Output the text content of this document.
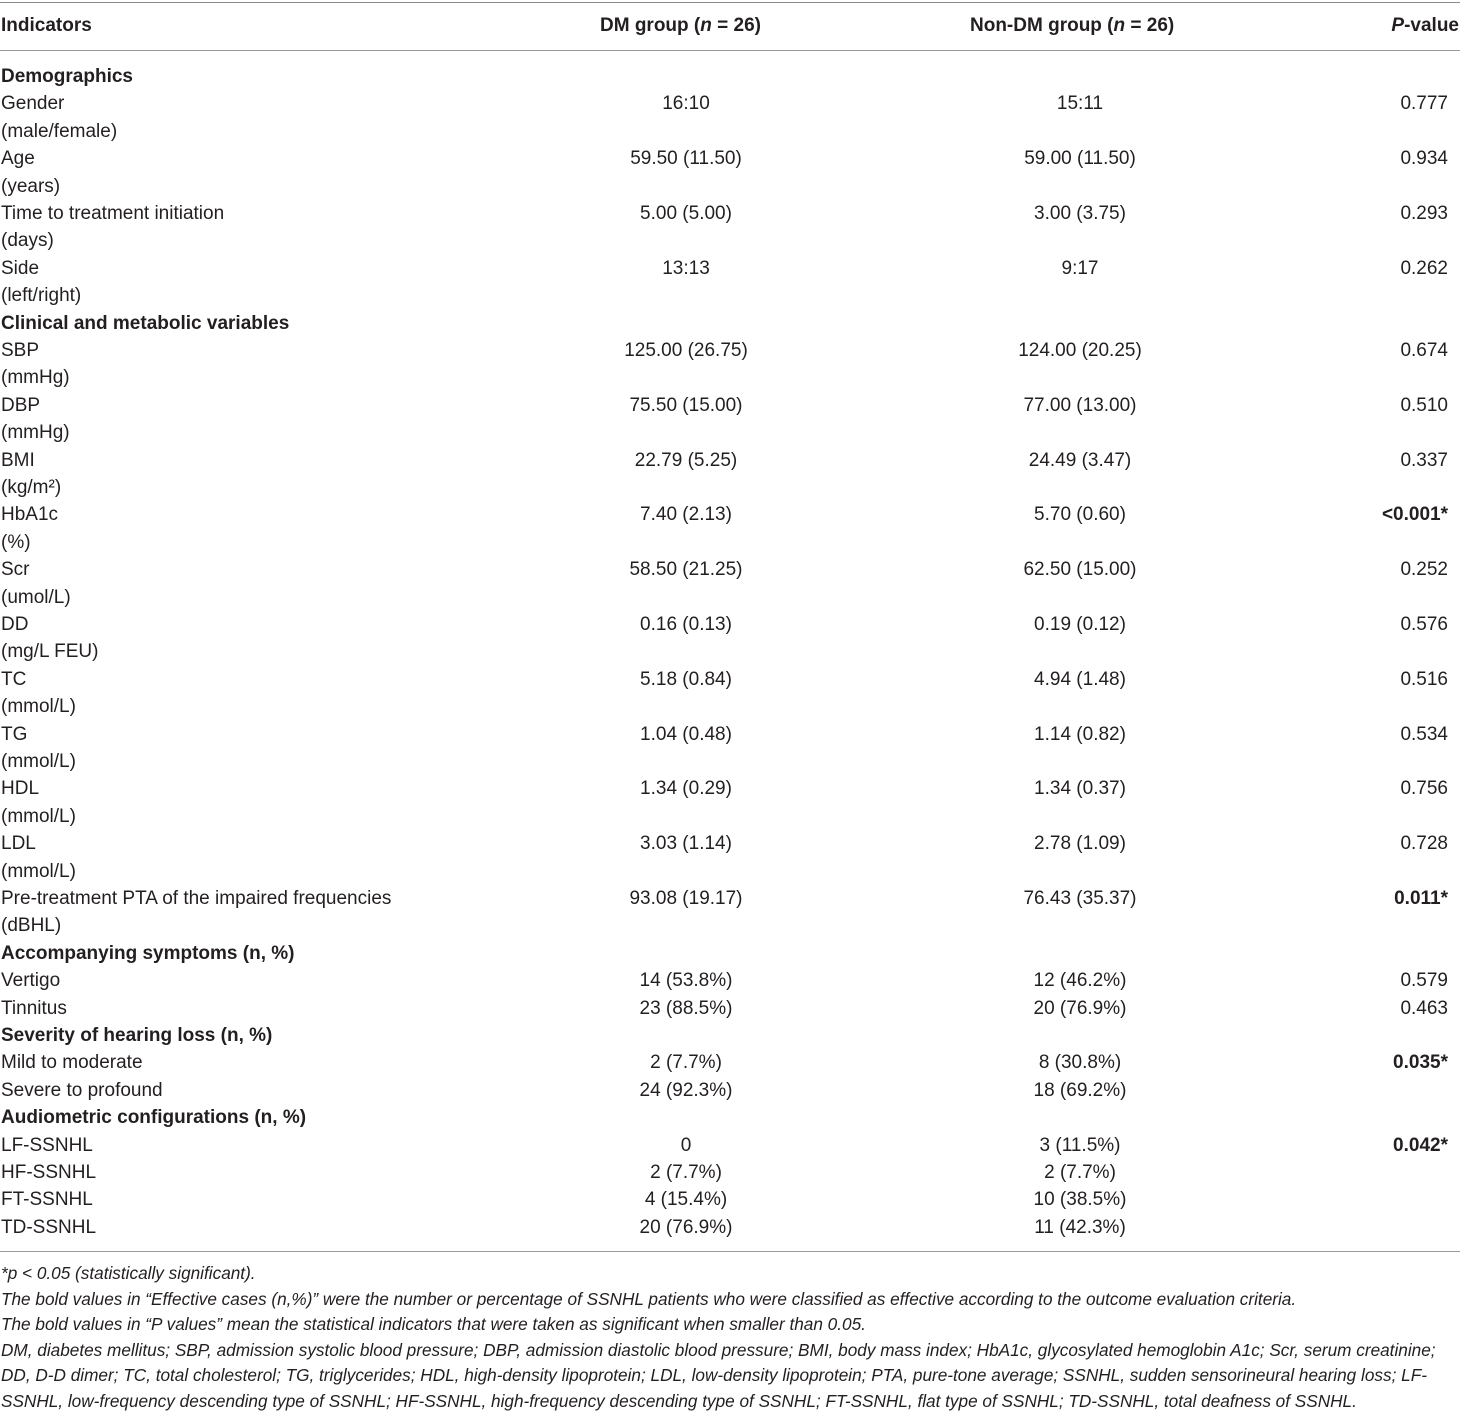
Indicators	DM group (n = 26)	Non-DM group (n = 26)	P-value
Demographics
Gender
(male/female)
16:10	15:11	0.777
Age
(years)
59.50 (11.50)	59.00 (11.50)	0.934
Time to treatment initiation
(days)
5.00 (5.00)	3.00 (3.75)	0.293
Side
(left/right)
13:13	9:17	0.262
Clinical and metabolic variables
SBP
(mmHg)
125.00 (26.75)	124.00 (20.25)	0.674
DBP
(mmHg)
75.50 (15.00)	77.00 (13.00)	0.510
BMI
(kg/m²)
22.79 (5.25)	24.49 (3.47)	0.337
HbA1c
(%)
7.40 (2.13)	5.70 (0.60)	<0.001*
Scr
(umol/L)
58.50 (21.25)	62.50 (15.00)	0.252
DD
(mg/L FEU)
0.16 (0.13)	0.19 (0.12)	0.576
TC
(mmol/L)
5.18 (0.84)	4.94 (1.48)	0.516
TG
(mmol/L)
1.04 (0.48)	1.14 (0.82)	0.534
HDL
(mmol/L)
1.34 (0.29)	1.34 (0.37)	0.756
LDL
(mmol/L)
3.03 (1.14)	2.78 (1.09)	0.728
Pre-treatment PTA of the impaired frequencies
(dBHL)
93.08 (19.17)	76.43 (35.37)	0.011*
Accompanying symptoms (n, %)
Vertigo	14 (53.8%)	12 (46.2%)	0.579
Tinnitus	23 (88.5%)	20 (76.9%)	0.463
Severity of hearing loss (n, %)
Mild to moderate	2 (7.7%)	8 (30.8%)	0.035*
Severe to profound	24 (92.3%)	18 (69.2%)
Audiometric configurations (n, %)
LF-SSNHL	0	3 (11.5%)	0.042*
HF-SSNHL	2 (7.7%)	2 (7.7%)
FT-SSNHL	4 (15.4%)	10 (38.5%)
TD-SSNHL	20 (76.9%)	11 (42.3%)

*p < 0.05 (statistically significant).

The bold values in “Effective cases (n,%)” were the number or percentage of SSNHL patients who were classified as effective according to the outcome evaluation criteria.

The bold values in “P values” mean the statistical indicators that were taken as significant when smaller than 0.05.

DM, diabetes mellitus; SBP, admission systolic blood pressure; DBP, admission diastolic blood pressure; BMI, body mass index; HbA1c, glycosylated hemoglobin A1c; Scr, serum creatinine; DD, D-D dimer; TC, total cholesterol; TG, triglycerides; HDL, high-density lipoprotein; LDL, low-density lipoprotein; PTA, pure-tone average; SSNHL, sudden sensorineural hearing loss; LF-SSNHL, low-frequency descending type of SSNHL; HF-SSNHL, high-frequency descending type of SSNHL; FT-SSNHL, flat type of SSNHL; TD-SSNHL, total deafness of SSNHL.
